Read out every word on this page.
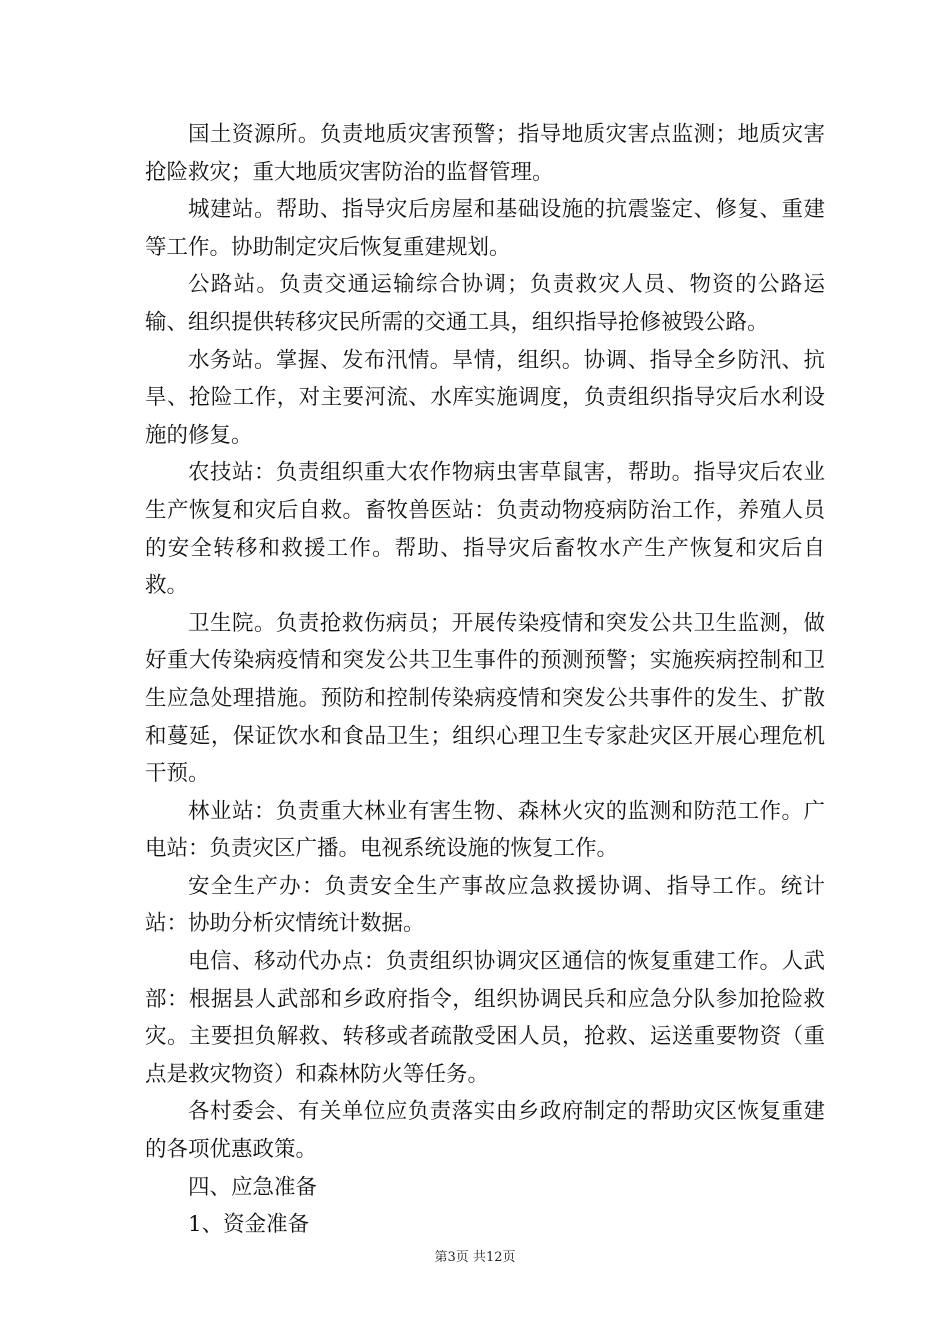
国土资源所。负责地质灾害预警；指导地质灾害点监测；地质灾害抢险救灾；重大地质灾害防治的监督管理。

城建站。帮助、指导灾后房屋和基础设施的抗震鉴定、修复、重建等工作。协助制定灾后恢复重建规划。

公路站。负责交通运输综合协调；负责救灾人员、物资的公路运输、组织提供转移灾民所需的交通工具，组织指导抢修被毁公路。

水务站。掌握、发布汛情。旱情，组织。协调、指导全乡防汛、抗旱、抢险工作，对主要河流、水库实施调度，负责组织指导灾后水利设施的修复。

农技站：负责组织重大农作物病虫害草鼠害，帮助。指导灾后农业生产恢复和灾后自救。畜牧兽医站：负责动物疫病防治工作，养殖人员的安全转移和救援工作。帮助、指导灾后畜牧水产生产恢复和灾后自救。

卫生院。负责抢救伤病员；开展传染疫情和突发公共卫生监测，做好重大传染病疫情和突发公共卫生事件的预测预警；实施疾病控制和卫生应急处理措施。预防和控制传染病疫情和突发公共事件的发生、扩散和蔓延，保证饮水和食品卫生；组织心理卫生专家赴灾区开展心理危机干预。

林业站：负责重大林业有害生物、森林火灾的监测和防范工作。广电站：负责灾区广播。电视系统设施的恢复工作。

安全生产办：负责安全生产事故应急救援协调、指导工作。统计站：协助分析灾情统计数据。

电信、移动代办点：负责组织协调灾区通信的恢复重建工作。人武部：根据县人武部和乡政府指令，组织协调民兵和应急分队参加抢险救灾。主要担负解救、转移或者疏散受困人员，抢救、运送重要物资（重点是救灾物资）和森林防火等任务。

各村委会、有关单位应负责落实由乡政府制定的帮助灾区恢复重建的各项优惠政策。

四、应急准备

1、资金准备

第3页 共12页
